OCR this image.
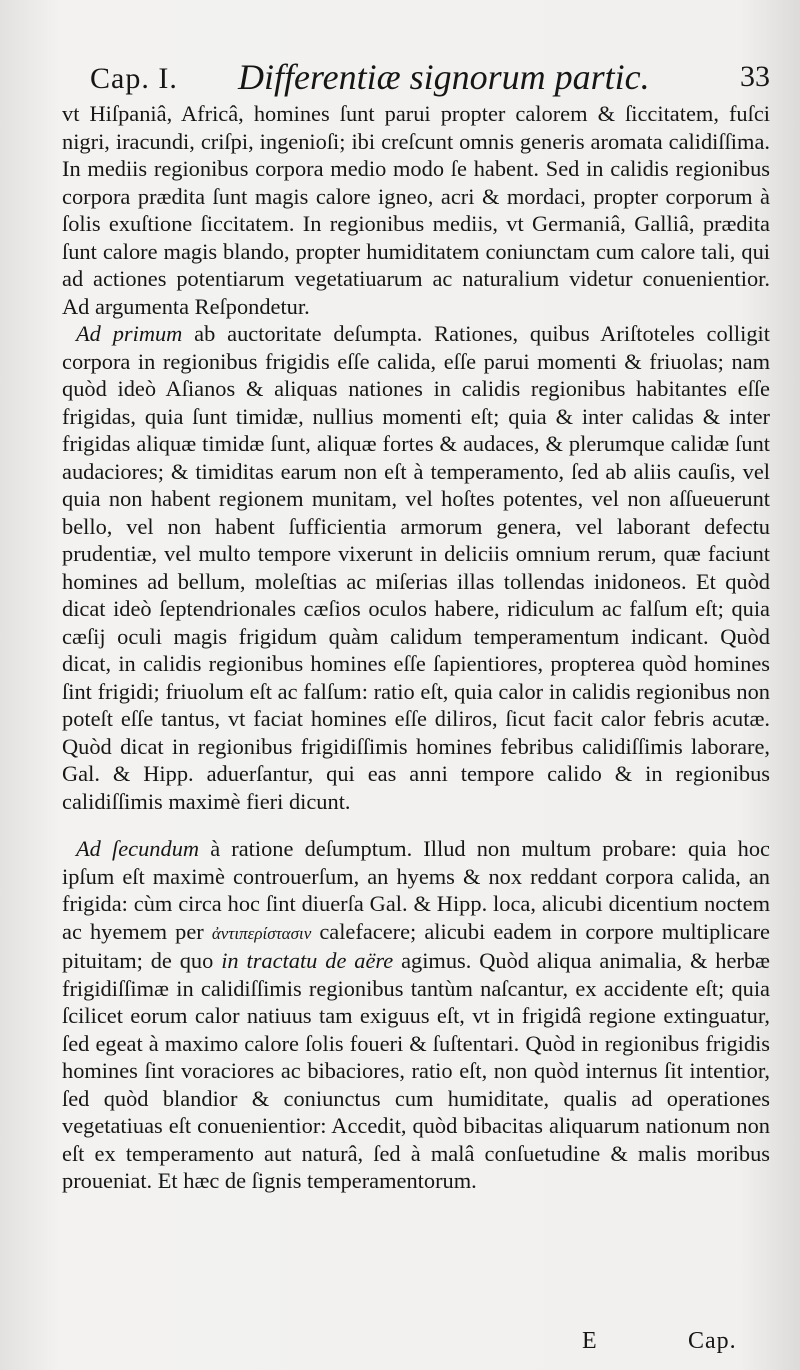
Cap. I. Differentiæ signorum partic.	33

vt Hiſpaniâ, Africâ, homines ſunt parui propter calorem & ſiccitatem, fuſci nigri, iracundi, criſpi, ingenioſi; ibi creſcunt omnis generis aromata calidiſſima. In mediis regionibus corpora medio modo ſe habent. Sed in calidis regionibus corpora prædita ſunt magis calore igneo, acri & mordaci, propter corporum à ſolis exuſtione ſiccitatem. In regionibus mediis, vt Germaniâ, Galliâ, prædita ſunt calore magis blando, propter humiditatem coniunctam cum calore tali, qui ad actiones potentiarum vegetatiuarum ac naturalium videtur conuenientior. Ad argumenta Reſpondetur.

Ad primum ab auctoritate deſumpta. Rationes, quibus Ariſtoteles colligit corpora in regionibus frigidis eſſe calida, eſſe parui momenti & friuolas; nam quòd ideò Aſianos & aliquas nationes in calidis regionibus habitantes eſſe frigidas, quia ſunt timidæ, nullius momenti eſt; quia & inter calidas & inter frigidas aliquæ timidæ ſunt, aliquæ fortes & audaces, & plerumque calidæ ſunt audaciores; & timiditas earum non eſt à temperamento, ſed ab aliis cauſis, vel quia non habent regionem munitam, vel hoſtes potentes, vel non aſſueuerunt bello, vel non habent ſufficientia armorum genera, vel laborant defectu prudentiæ, vel multo tempore vixerunt in deliciis omnium rerum, quæ faciunt homines ad bellum, moleſtias ac miſerias illas tollendas inidoneos. Et quòd dicat ideò ſeptendrionales cæſios oculos habere, ridiculum ac falſum eſt; quia cæſij oculi magis frigidum quàm calidum temperamentum indicant. Quòd dicat, in calidis regionibus homines eſſe ſapientiores, propterea quòd homines ſint frigidi; friuolum eſt ac falſum: ratio eſt, quia calor in calidis regionibus non poteſt eſſe tantus, vt faciat homines eſſe diliros, ſicut facit calor febris acutæ. Quòd dicat in regionibus frigidiſſimis homines febribus calidiſſimis laborare, Gal. & Hipp. aduerſantur, qui eas anni tempore calido & in regionibus calidiſſimis maximè fieri dicunt.

Ad ſecundum à ratione deſumptum. Illud non multum probare: quia hoc ipſum eſt maximè controuerſum, an hyems & nox reddant corpora calida, an frigida: cùm circa hoc ſint diuerſa Gal. & Hipp. loca, alicubi dicentium noctem ac hyemem per ἀντιπερίστασιν calefacere; alicubi eadem in corpore multiplicare pituitam; de quo in tractatu de aëre agimus. Quòd aliqua animalia, & herbæ frigidiſſimæ in calidiſſimis regionibus tantùm naſcantur, ex accidente eſt; quia ſcilicet eorum calor natiuus tam exiguus eſt, vt in frigidâ regione extinguatur, ſed egeat à maximo calore ſolis foueri & ſuſtentari. Quòd in regionibus frigidis homines ſint voraciores ac bibaciores, ratio eſt, non quòd internus ſit intentior, ſed quòd blandior & coniunctus cum humiditate, qualis ad operationes vegetatiuas eſt conuenientior: Accedit, quòd bibacitas aliquarum nationum non eſt ex temperamento aut naturâ, ſed à malâ conſuetudine & malis moribus proueniat. Et hæc de ſignis temperamentorum.

E	Cap.
